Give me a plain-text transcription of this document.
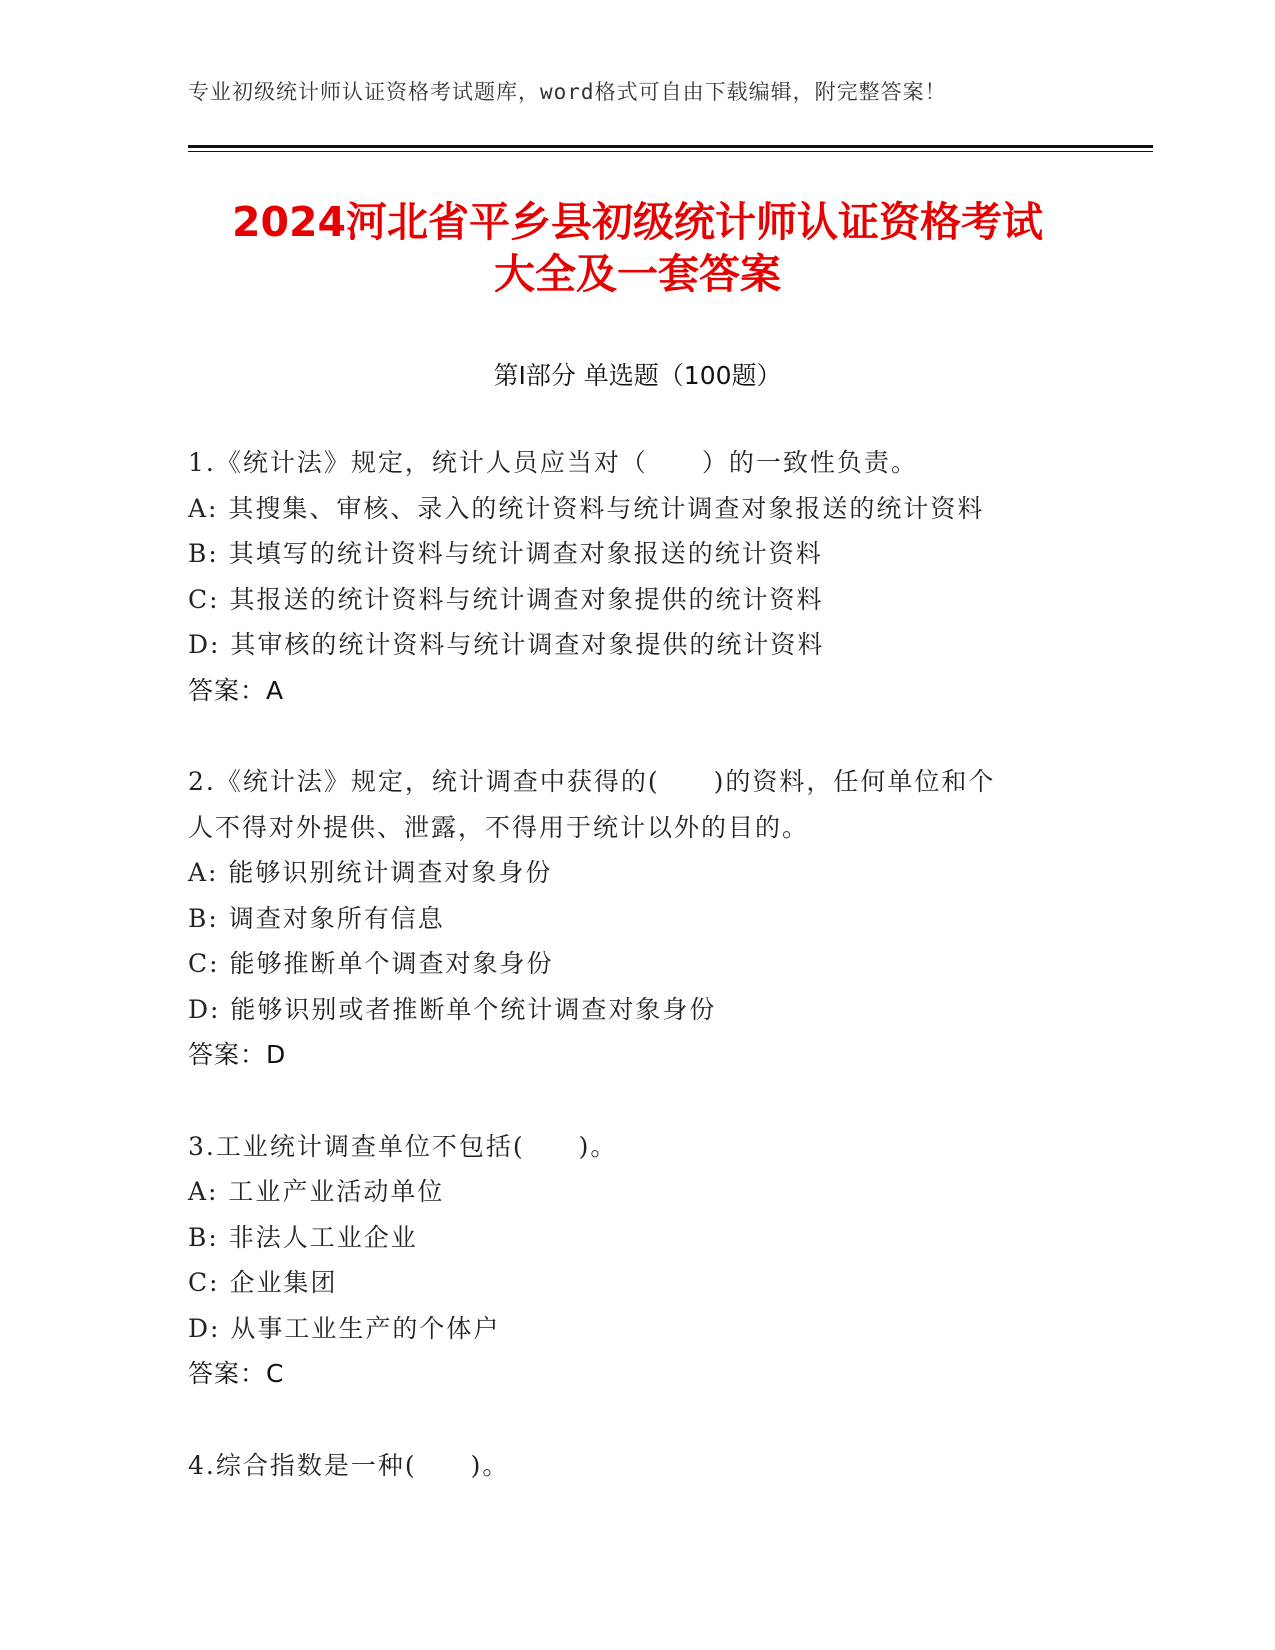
专业初级统计师认证资格考试题库，word格式可自由下载编辑，附完整答案！
2024河北省平乡县初级统计师认证资格考试
大全及一套答案
第Ⅰ部分 单选题（100题）
1.《统计法》规定，统计人员应当对（　　）的一致性负责。
A: 其搜集、审核、录入的统计资料与统计调查对象报送的统计资料
B: 其填写的统计资料与统计调查对象报送的统计资料
C: 其报送的统计资料与统计调查对象提供的统计资料
D: 其审核的统计资料与统计调查对象提供的统计资料
答案：A
2.《统计法》规定，统计调查中获得的(　　)的资料，任何单位和个
人不得对外提供、泄露，不得用于统计以外的目的。
A: 能够识别统计调查对象身份
B: 调查对象所有信息
C: 能够推断单个调查对象身份
D: 能够识别或者推断单个统计调查对象身份
答案：D
3.工业统计调查单位不包括(　　)。
A: 工业产业活动单位
B: 非法人工业企业
C: 企业集团
D: 从事工业生产的个体户
答案：C
4.综合指数是一种(　　)。
